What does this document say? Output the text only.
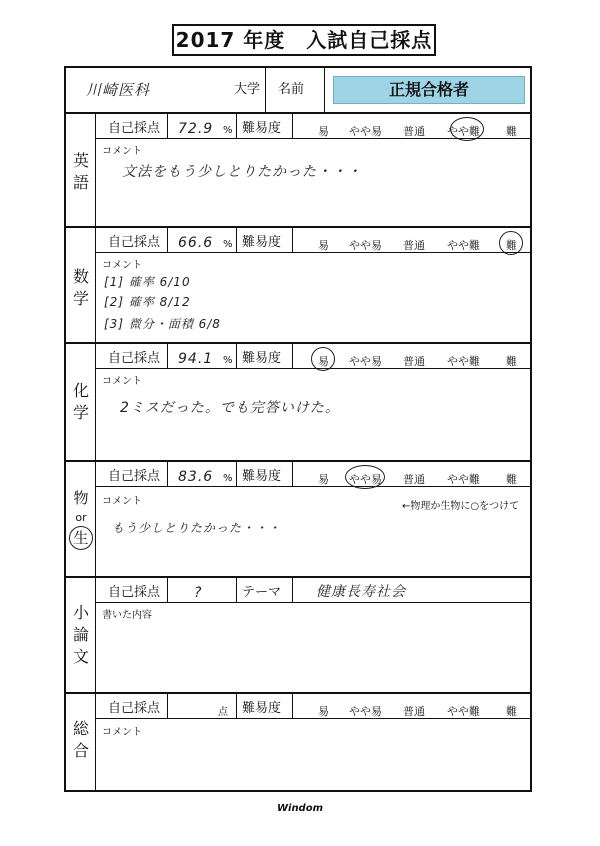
2017 年度　入試自己採点
川崎医科	大学 名前	正規合格者
英
語
自己採点 72.9 % 難易度	易 やや易 普通 やや難 難
コメント
文法をもう少しとりたかった・・・
数
学
自己採点 66.6 % 難易度	易 やや易 普通 やや難 難
コメント
[1] 確率 6/10
[2] 確率 8/12
[3] 微分・面積 6/8
化
学
自己採点 94.1 % 難易度	易 やや易 普通 やや難 難
コメント
2ミスだった。でも完答いけた。
物
or
生
自己採点 83.6 % 難易度	易 やや易 普通 やや難 難
コメント	←物理か生物に○をつけて
もう少しとりたかった・・・
小
論
文
自己採点 ?	テーマ 健康長寿社会
書いた内容
総
合
自己採点	点 難易度	易 やや易 普通 やや難 難
コメント
Windom
